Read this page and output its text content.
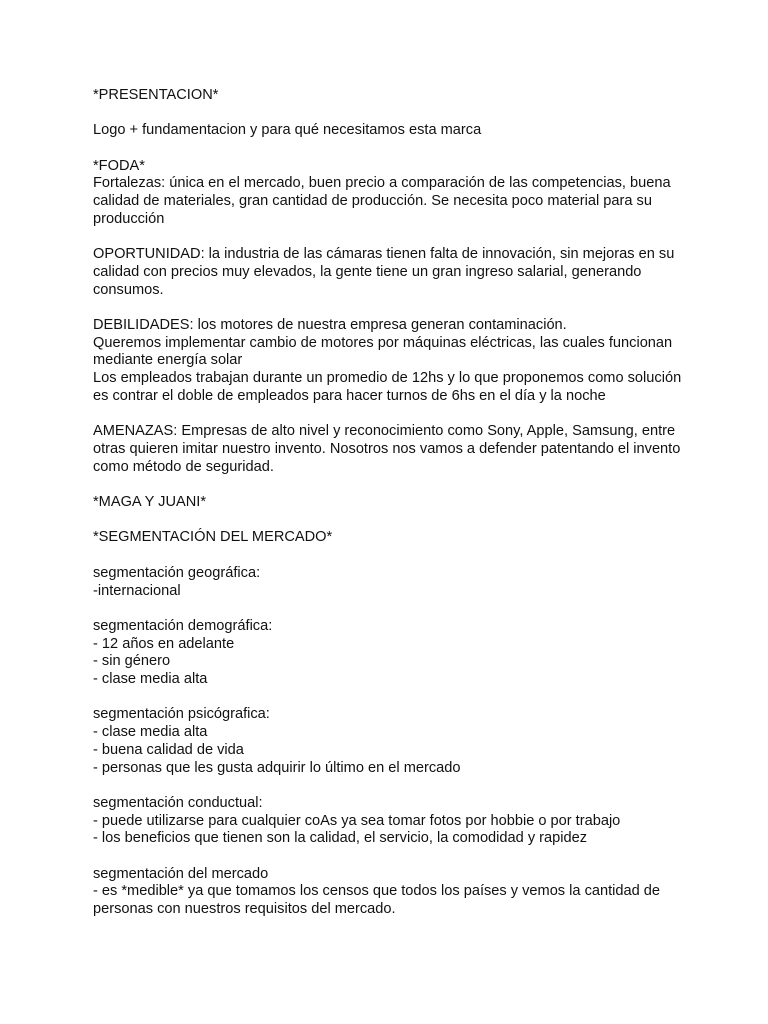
*PRESENTACION*
Logo + fundamentacion y para qué necesitamos esta marca
*FODA*
Fortalezas: única en el mercado, buen precio a comparación de las competencias, buena
calidad de materiales, gran cantidad de producción. Se necesita poco material para su
producción
OPORTUNIDAD: la industria de las cámaras tienen falta de innovación, sin mejoras en su
calidad con precios muy elevados, la gente tiene un gran ingreso salarial, generando
consumos.
DEBILIDADES: los motores de nuestra empresa generan contaminación.
Queremos implementar cambio de motores por máquinas eléctricas, las cuales funcionan
mediante energía solar
Los empleados trabajan durante un promedio de 12hs y lo que proponemos como solución
es contrar el doble de empleados para hacer turnos de 6hs en el día y la noche
AMENAZAS: Empresas de alto nivel y reconocimiento como Sony, Apple, Samsung, entre
otras quieren imitar nuestro invento. Nosotros nos vamos a defender patentando el invento
como método de seguridad.
*MAGA Y JUANI*
*SEGMENTACIÓN DEL MERCADO*
segmentación geográfica:
-internacional
segmentación demográfica:
- 12 años en adelante
- sin género
- clase media alta
segmentación psicógrafica:
- clase media alta
- buena calidad de vida
- personas que les gusta adquirir lo último en el mercado
segmentación conductual:
- puede utilizarse para cualquier coAs ya sea tomar fotos por hobbie o por trabajo
- los beneficios que tienen son la calidad, el servicio, la comodidad y rapidez
segmentación del mercado
- es *medible* ya que tomamos los censos que todos los países y vemos la cantidad de
personas con nuestros requisitos del mercado.
